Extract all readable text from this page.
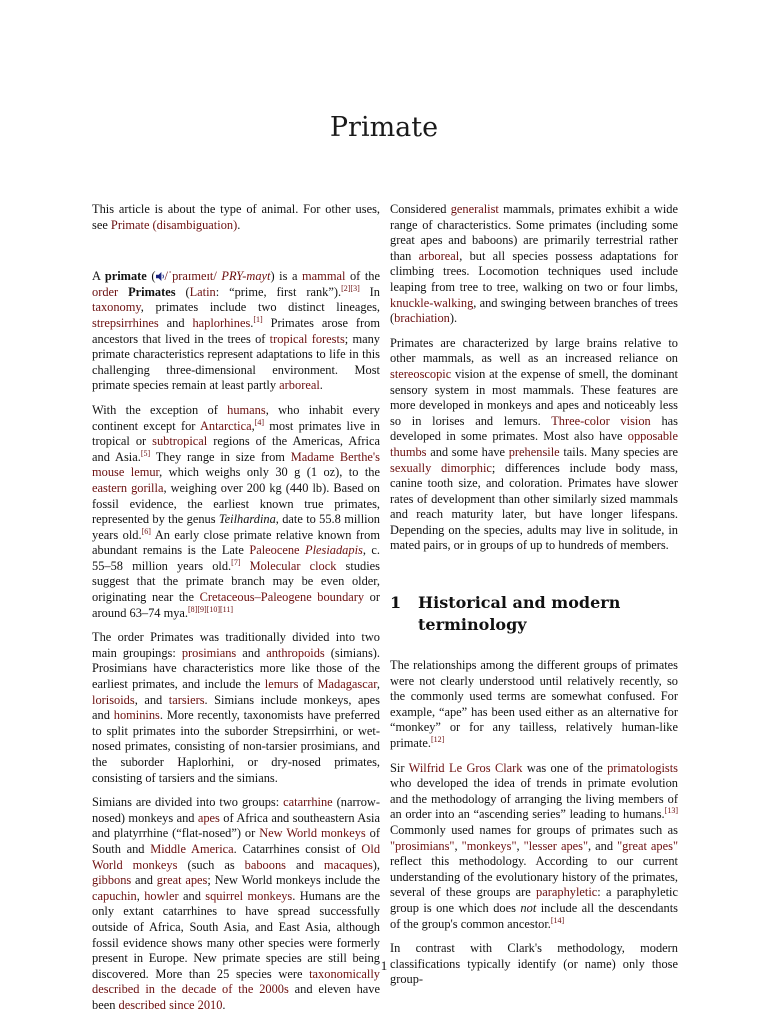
Primate

This article is about the type of animal. For other uses, see Primate (disambiguation).

A primate ( /ˈpraɪmeɪt/ PRY-mayt) is a mammal of the order Primates (Latin: “prime, first rank”).[2][3] In taxonomy, primates include two distinct lineages, strepsirrhines and haplorhines.[1] Primates arose from ancestors that lived in the trees of tropical forests; many primate characteristics represent adaptations to life in this challenging three-dimensional environment. Most primate species remain at least partly arboreal.

With the exception of humans, who inhabit every continent except for Antarctica,[4] most primates live in tropical or subtropical regions of the Americas, Africa and Asia.[5] They range in size from Madame Berthe's mouse lemur, which weighs only 30 g (1 oz), to the eastern gorilla, weighing over 200 kg (440 lb). Based on fossil evidence, the earliest known true primates, represented by the genus Teilhardina, date to 55.8 million years old.[6] An early close primate relative known from abundant remains is the Late Paleocene Plesiadapis, c. 55–58 million years old.[7] Molecular clock studies suggest that the primate branch may be even older, originating near the Cretaceous–Paleogene boundary or around 63–74 mya.[8][9][10][11]

The order Primates was traditionally divided into two main groupings: prosimians and anthropoids (simians). Prosimians have characteristics more like those of the earliest primates, and include the lemurs of Madagascar, lorisoids, and tarsiers. Simians include monkeys, apes and hominins. More recently, taxonomists have preferred to split primates into the suborder Strepsirrhini, or wet-nosed primates, consisting of non-tarsier prosimians, and the suborder Haplorhini, or dry-nosed primates, consisting of tarsiers and the simians.

Simians are divided into two groups: catarrhine (narrow-nosed) monkeys and apes of Africa and southeastern Asia and platyrrhine (“flat-nosed”) or New World monkeys of South and Middle America. Catarrhines consist of Old World monkeys (such as baboons and macaques), gibbons and great apes; New World monkeys include the capuchin, howler and squirrel monkeys. Humans are the only extant catarrhines to have spread successfully outside of Africa, South Asia, and East Asia, although fossil evidence shows many other species were formerly present in Europe. New primate species are still being discovered. More than 25 species were taxonomically described in the decade of the 2000s and eleven have been described since 2010.

Considered generalist mammals, primates exhibit a wide range of characteristics. Some primates (including some great apes and baboons) are primarily terrestrial rather than arboreal, but all species possess adaptations for climbing trees. Locomotion techniques used include leaping from tree to tree, walking on two or four limbs, knuckle-walking, and swinging between branches of trees (brachiation).

Primates are characterized by large brains relative to other mammals, as well as an increased reliance on stereoscopic vision at the expense of smell, the dominant sensory system in most mammals. These features are more developed in monkeys and apes and noticeably less so in lorises and lemurs. Three-color vision has developed in some primates. Most also have opposable thumbs and some have prehensile tails. Many species are sexually dimorphic; differences include body mass, canine tooth size, and coloration. Primates have slower rates of development than other similarly sized mammals and reach maturity later, but have longer lifespans. Depending on the species, adults may live in solitude, in mated pairs, or in groups of up to hundreds of members.

1	Historical and modern terminology

The relationships among the different groups of primates were not clearly understood until relatively recently, so the commonly used terms are somewhat confused. For example, “ape” has been used either as an alternative for “monkey” or for any tailless, relatively human-like primate.[12]

Sir Wilfrid Le Gros Clark was one of the primatologists who developed the idea of trends in primate evolution and the methodology of arranging the living members of an order into an “ascending series” leading to humans.[13] Commonly used names for groups of primates such as "prosimians", "monkeys", "lesser apes", and "great apes" reflect this methodology. According to our current understanding of the evolutionary history of the primates, several of these groups are paraphyletic: a paraphyletic group is one which does not include all the descendants of the group's common ancestor.[14]

In contrast with Clark's methodology, modern classifications typically identify (or name) only those group-

1
